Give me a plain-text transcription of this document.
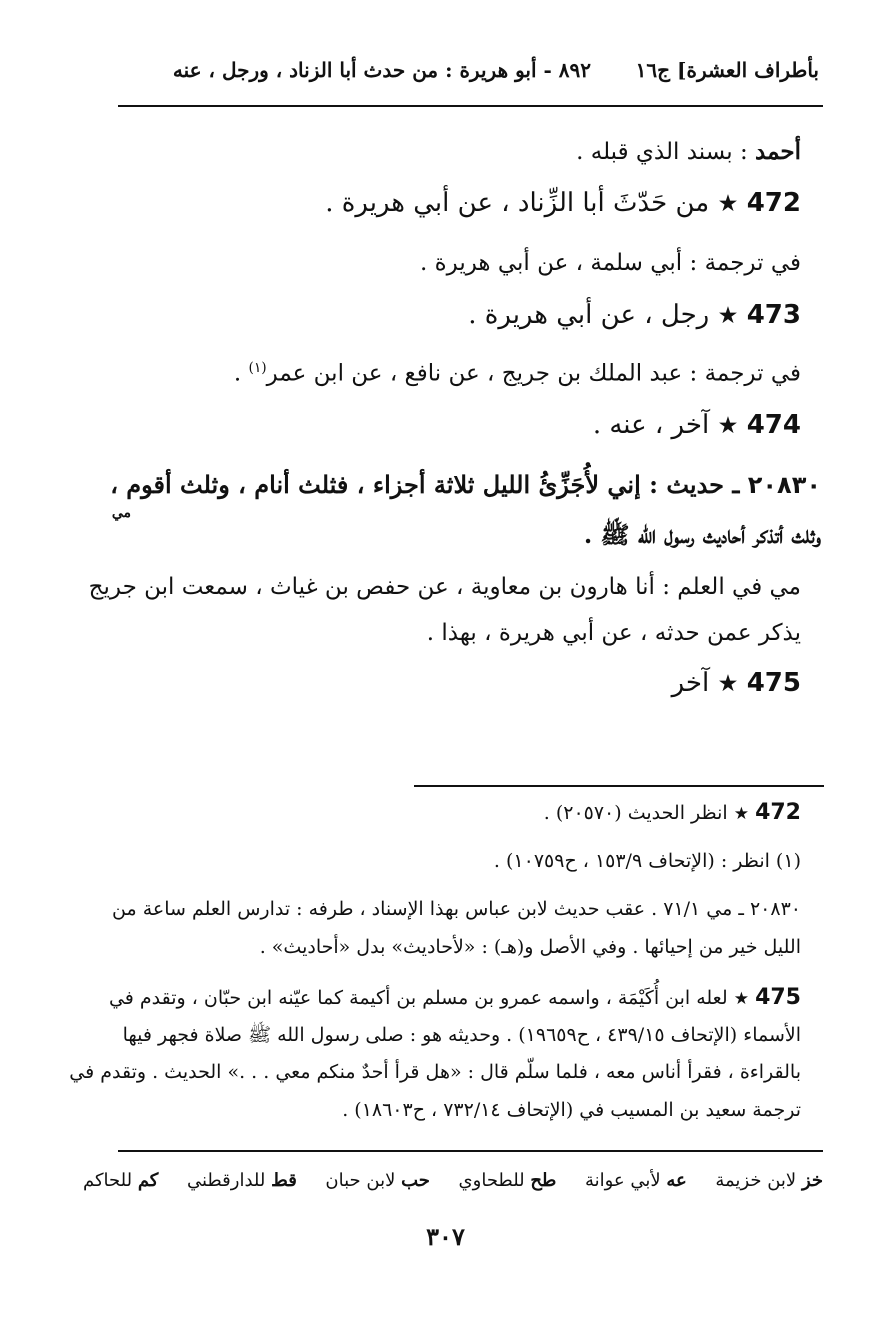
بأطراف العشرة] ج١٦
٨٩٢ - أبو هريرة : من حدث أبا الزناد ، ورجل ، عنه
أحمد : بسند الذي قبله .
472 ★ من حَدّثَ أبا الزِّناد ، عن أبي هريرة .
في ترجمة : أبي سلمة ، عن أبي هريرة .
473 ★ رجل ، عن أبي هريرة .
في ترجمة : عبد الملك بن جريج ، عن نافع ، عن ابن عمر$^{(١)}$ .
474 ★ آخر ، عنه .
٢٠٨٣٠ ـ حديث : إني لأُجَزِّئُ الليل ثلاثة أجزاء ، فثلث أنام ، وثلث أقوم ،
مي
وثلث أتذكر أحاديث رسول الله ﷺ .
مي في العلم : أنا هارون بن معاوية ، عن حفص بن غياث ، سمعت ابن جريج
يذكر عمن حدثه ، عن أبي هريرة ، بهذا .
475 ★ آخر
472 ★ انظر الحديث (٢٠٥٧٠) .
(١) انظر : (الإتحاف ١٥٣/٩ ، ح١٠٧٥٩) .
٢٠٨٣٠ ـ مي ٧١/١ . عقب حديث لابن عباس بهذا الإسناد ، طرفه : تدارس العلم ساعة من
الليل خير من إحيائها . وفي الأصل و(هـ) : «لأحاديث» بدل «أحاديث» .
475 ★ لعله ابن أُكَيْمَة ، واسمه عمرو بن مسلم بن أكيمة كما عيّنه ابن حبّان ، وتقدم في
الأسماء (الإتحاف ٤٣٩/١٥ ، ح١٩٦٥٩) . وحديثه هو : صلى رسول الله ﷺ صلاة فجهر فيها
بالقراءة ، فقرأ أناس معه ، فلما سلّم قال : «هل قرأ أحدٌ منكم معي . . .» الحديث . وتقدم في
ترجمة سعيد بن المسيب في (الإتحاف ٧٣٢/١٤ ، ح١٨٦٠٣) .
خز لابن خزيمة     عه لأبي عوانة     طح للطحاوي     حب لابن حبان     قط للدارقطني     كم للحاكم
٣٠٧
